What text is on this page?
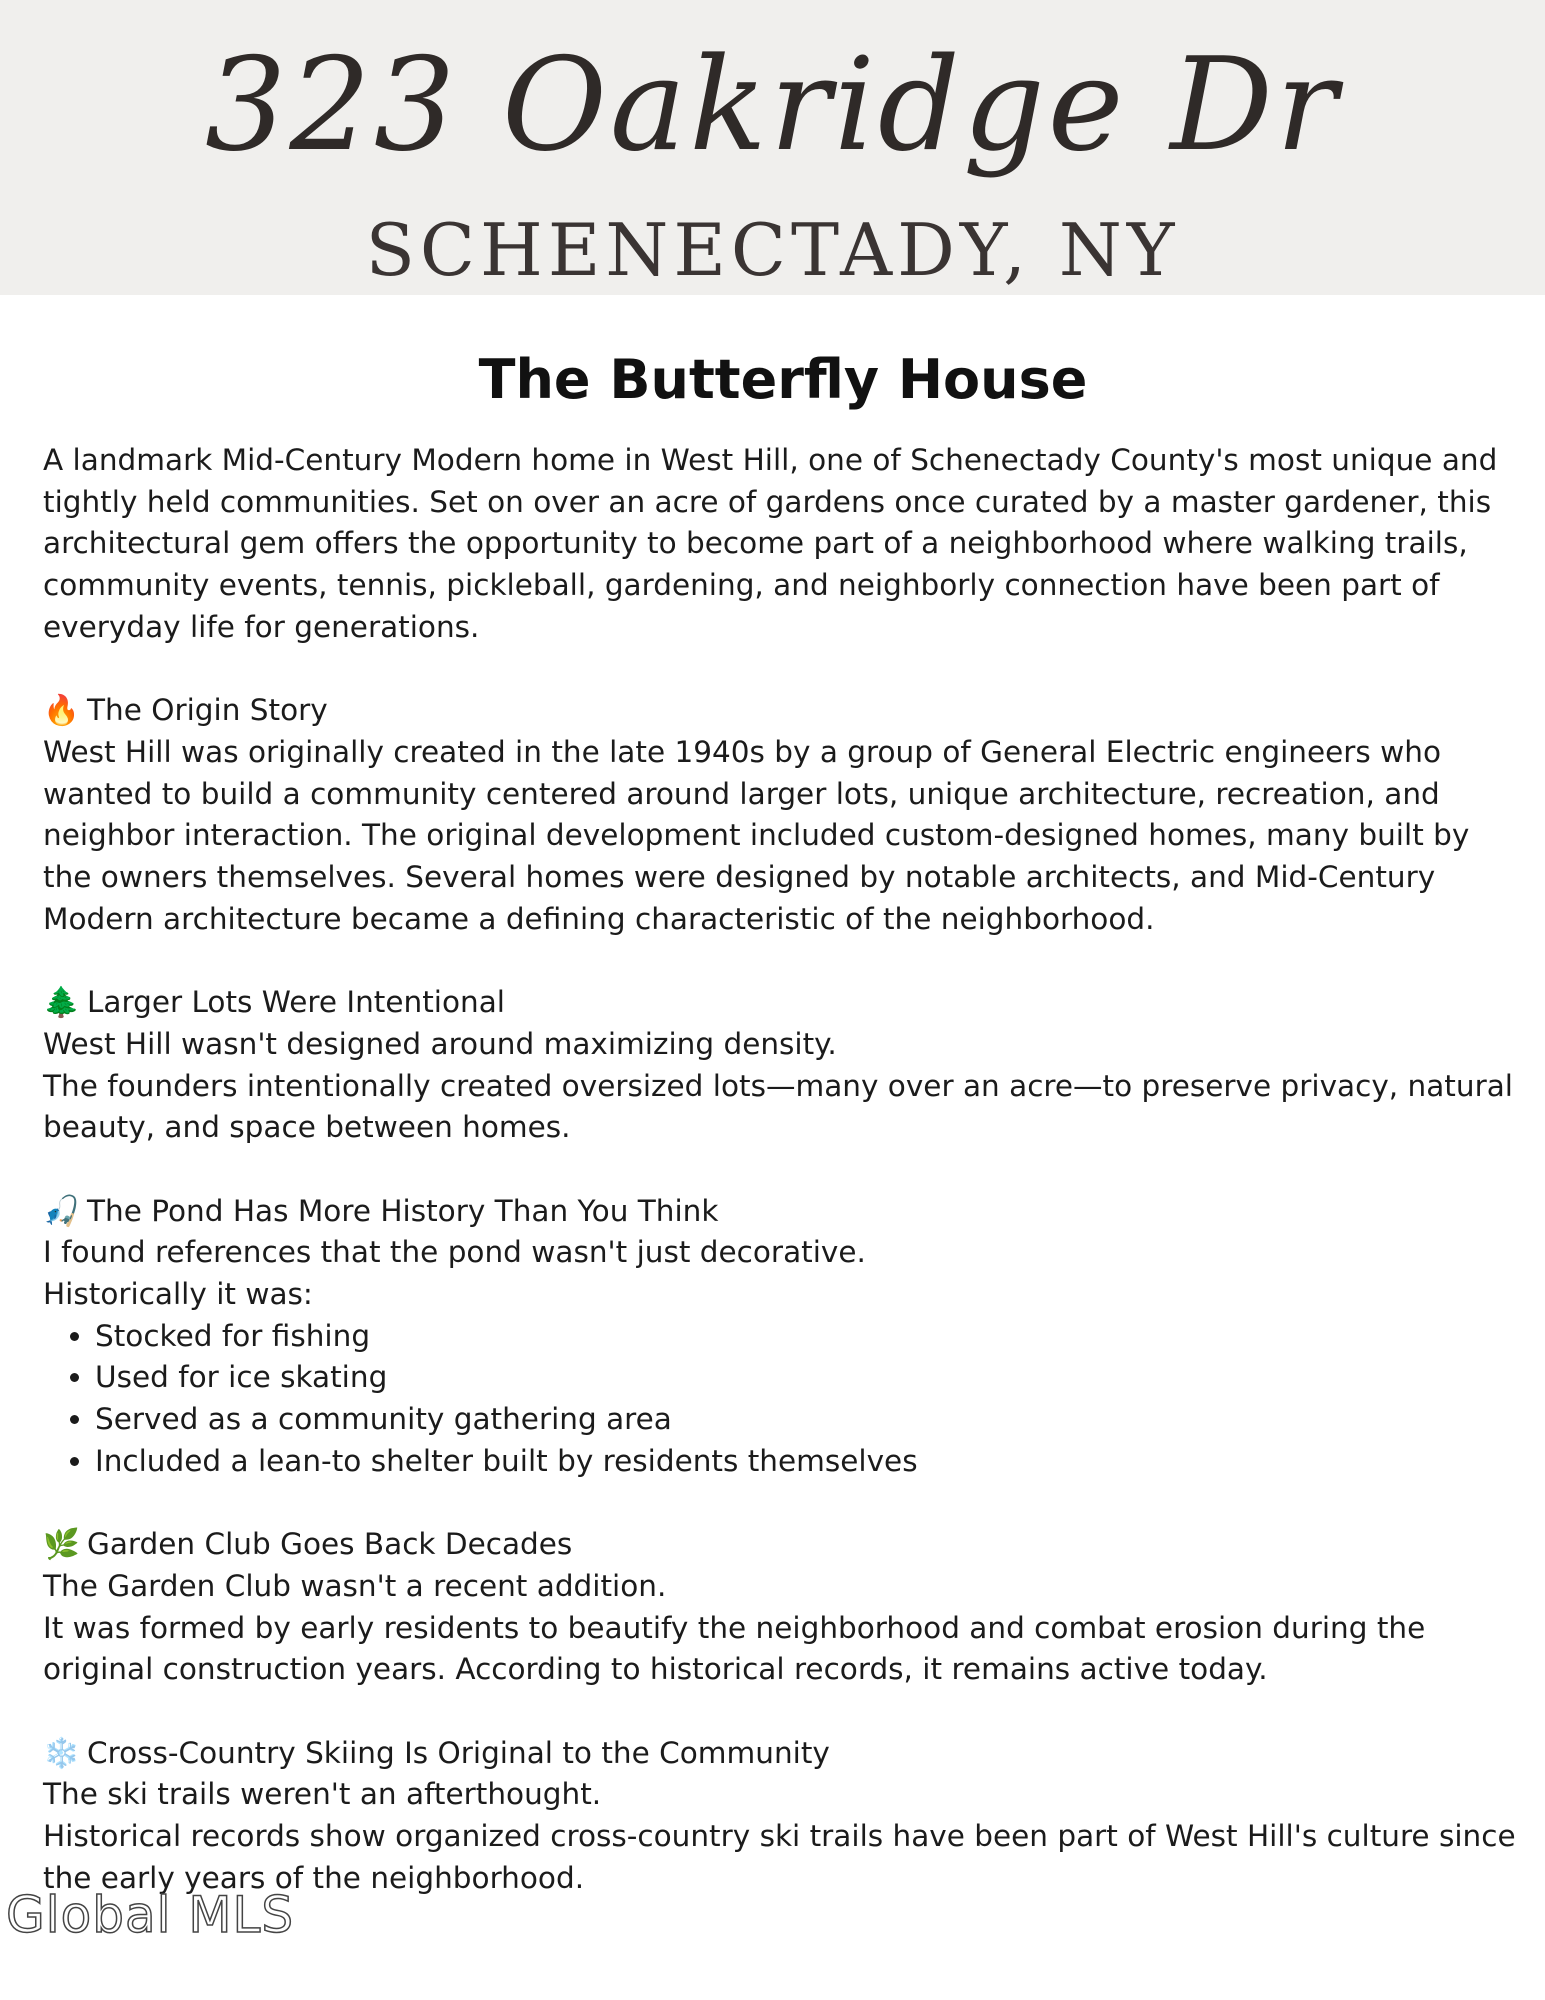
323 Oakridge Dr
SCHENECTADY, NY
The Butterfly House

A landmark Mid-Century Modern home in West Hill, one of Schenectady County's most unique and tightly held communities. Set on over an acre of gardens once curated by a master gardener, this architectural gem offers the opportunity to become part of a neighborhood where walking trails, community events, tennis, pickleball, gardening, and neighborly connection have been part of everyday life for generations.

🔥 The Origin Story

West Hill was originally created in the late 1940s by a group of General Electric engineers who wanted to build a community centered around larger lots, unique architecture, recreation, and neighbor interaction. The original development included custom-designed homes, many built by the owners themselves. Several homes were designed by notable architects, and Mid-Century Modern architecture became a defining characteristic of the neighborhood.

🌲 Larger Lots Were Intentional

West Hill wasn't designed around maximizing density.

The founders intentionally created oversized lots—many over an acre—to preserve privacy, natural beauty, and space between homes.

🎣 The Pond Has More History Than You Think

I found references that the pond wasn't just decorative.

Historically it was:

• Stocked for fishing
• Used for ice skating
• Served as a community gathering area
• Included a lean-to shelter built by residents themselves

🌿 Garden Club Goes Back Decades

The Garden Club wasn't a recent addition.

It was formed by early residents to beautify the neighborhood and combat erosion during the original construction years. According to historical records, it remains active today.

❄️ Cross-Country Skiing Is Original to the Community

The ski trails weren't an afterthought.

Historical records show organized cross-country ski trails have been part of West Hill's culture since the early years of the neighborhood.

Global MLS
